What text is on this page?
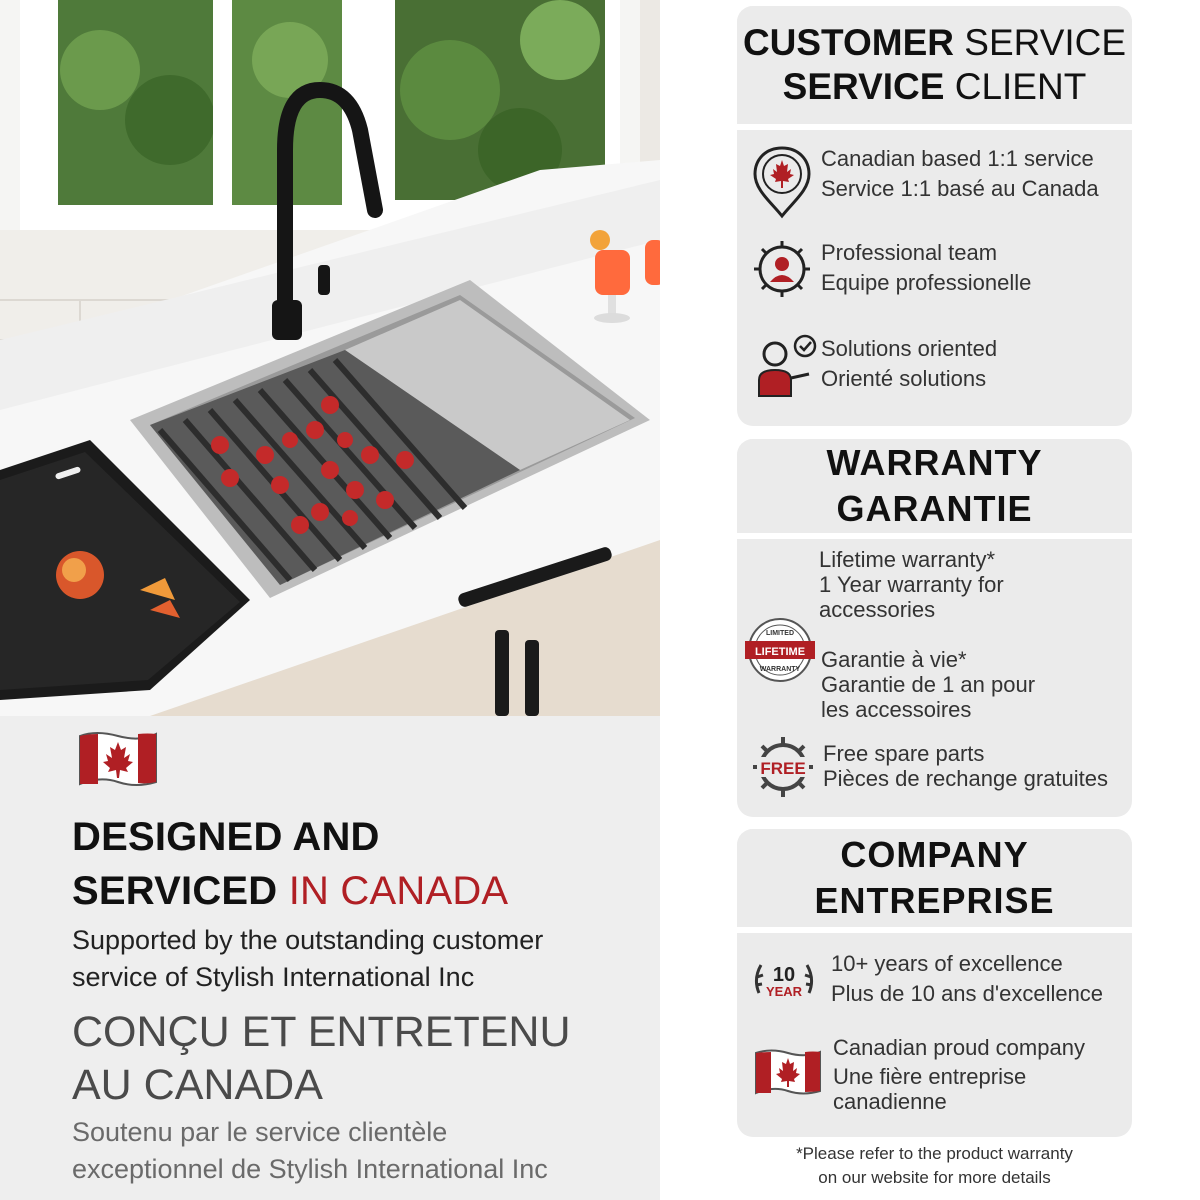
DESIGNED AND
SERVICED IN CANADA
Supported by the outstanding customer
service of Stylish International Inc
CONÇU ET ENTRETENU
AU CANADA
Soutenu par le service clientèle
exceptionnel de Stylish International Inc
CUSTOMER SERVICE
SERVICE CLIENT
Canadian based 1:1 service
Service 1:1 basé au Canada
Professional team
Equipe professionelle
Solutions oriented
Orienté solutions
WARRANTY
GARANTIE
Lifetime warranty*
1 Year warranty for
accessories
LIFETIME
LIMITED
WARRANTY Garantie à vie*
Garantie de 1 an pour
les accessoires
FREE
Free spare parts
Pièces de rechange gratuites
COMPANY
ENTREPRISE
10
YEAR
10+ years of excellence
Plus de 10 ans d'excellence
Canadian proud company
Une fière entreprise
canadienne
*Please refer to the product warranty
on our website for more details
